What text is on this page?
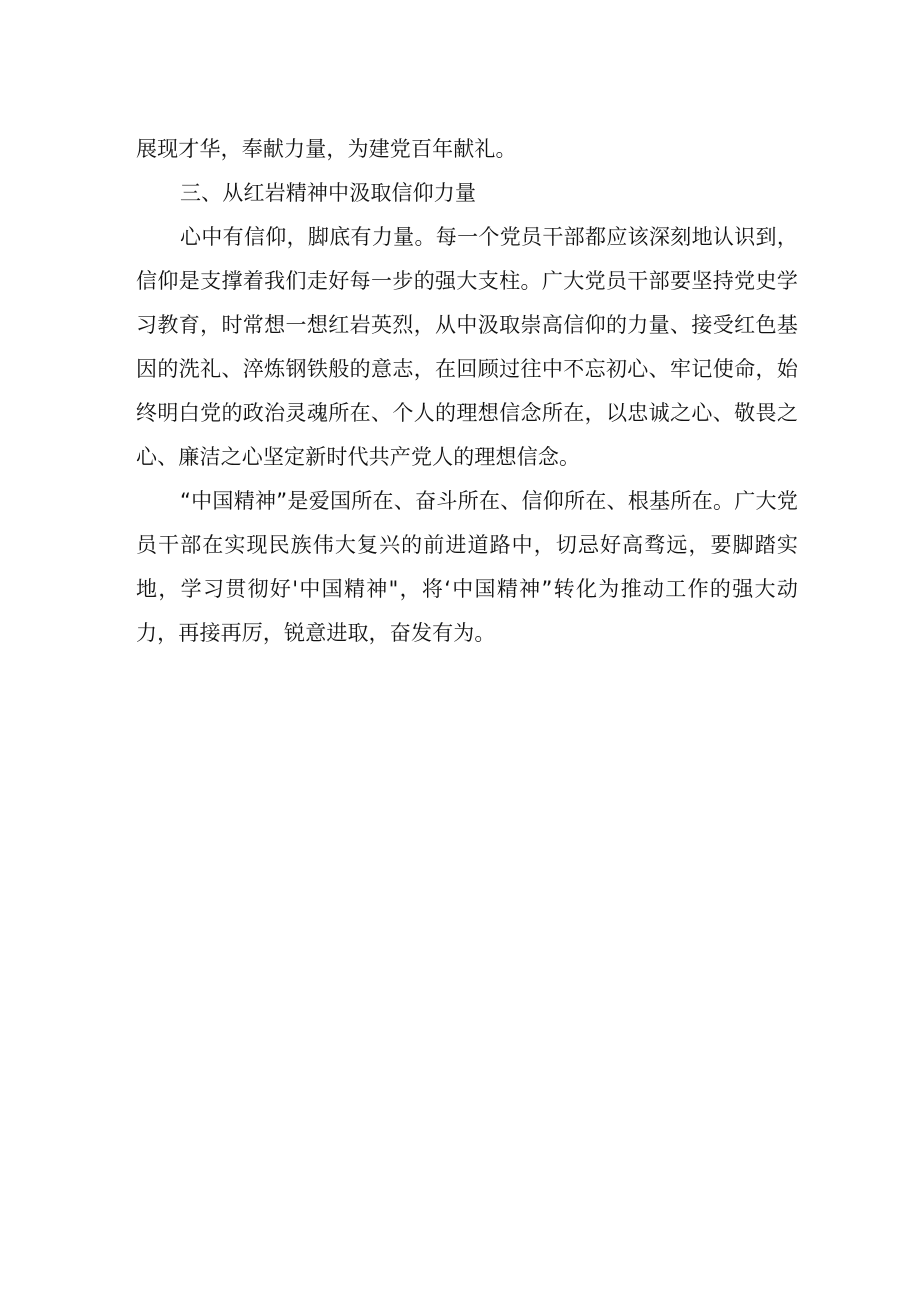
展现才华，奉献力量，为建党百年献礼。

三、从红岩精神中汲取信仰力量

心中有信仰，脚底有力量。每一个党员干部都应该深刻地认识到，信仰是支撑着我们走好每一步的强大支柱。广大党员干部要坚持党史学习教育，时常想一想红岩英烈，从中汲取崇高信仰的力量、接受红色基因的洗礼、淬炼钢铁般的意志，在回顾过往中不忘初心、牢记使命，始终明白党的政治灵魂所在、个人的理想信念所在，以忠诚之心、敬畏之心、廉洁之心坚定新时代共产党人的理想信念。

“中国精神”是爱国所在、奋斗所在、信仰所在、根基所在。广大党员干部在实现民族伟大复兴的前进道路中，切忌好高骛远，要脚踏实地，学习贯彻好'中国精神"，将‘中国精神”转化为推动工作的强大动力，再接再厉，锐意进取，奋发有为。
